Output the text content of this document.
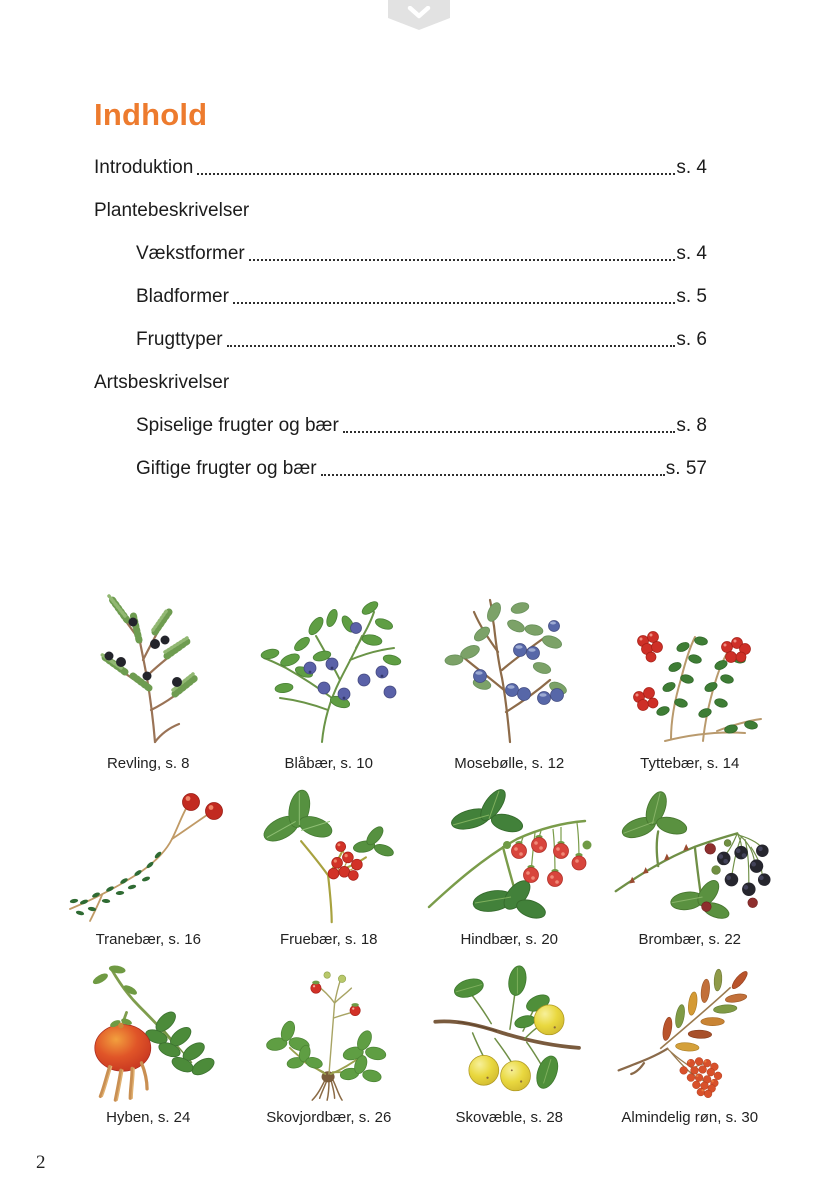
Indhold
Introduktion	s. 4
Plantebeskrivelser
Vækstformer	s. 4
Bladformer	s. 5
Frugttyper	s. 6
Artsbeskrivelser
Spiselige frugter og bær	s. 8
Giftige frugter og bær	s. 57
Revling, s. 8	Blåbær, s. 10	Mosebølle, s. 12	Tyttebær, s. 14
Tranebær, s. 16	Fruebær, s. 18	Hindbær, s. 20	Brombær, s. 22
Hyben, s. 24	Skovjordbær, s. 26	Skovæble, s. 28	Almindelig røn, s. 30
2
